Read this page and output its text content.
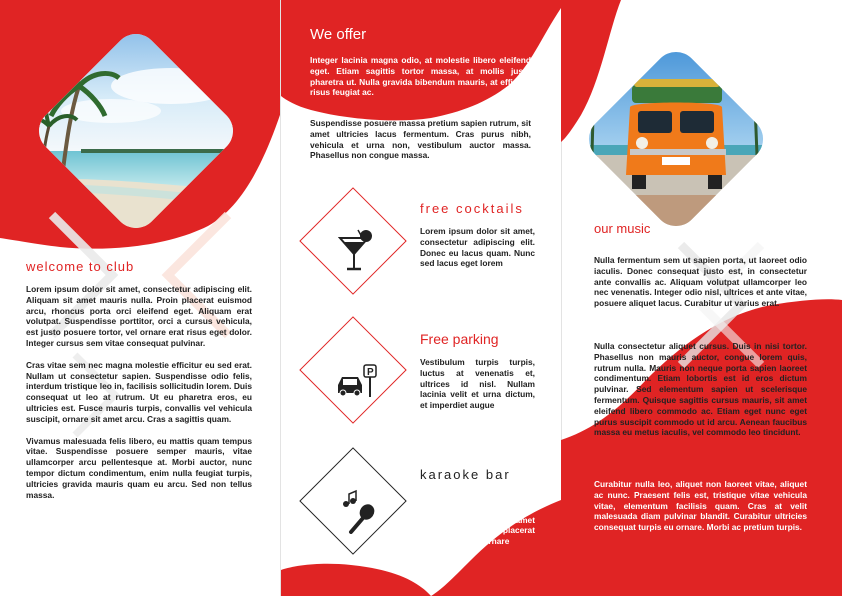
welcome to club

Lorem ipsum dolor sit amet, consectetur adipiscing elit. Aliquam sit amet mauris nulla. Proin placerat euismod arcu, rhoncus porta orci eleifend eget. Aliquam erat volutpat. Suspendisse porttitor, orci a cursus vehicula, est justo posuere tortor, vel ornare erat risus eget dolor. Integer cursus sem vitae consequat pulvinar.

Cras vitae sem nec magna molestie efficitur eu sed erat. Nullam ut consectetur sapien. Suspendisse odio felis, interdum tristique leo in, facilisis sollicitudin lorem. Duis consequat ut leo at rutrum. Ut eu pharetra eros, eu ultricies est. Fusce mauris turpis, convallis vel vehicula suscipit, ornare sit amet arcu. Cras a sagittis quam.

Vivamus malesuada felis libero, eu mattis quam tempus vitae. Suspendisse posuere semper mauris, vitae ullamcorper arcu pellentesque at. Morbi auctor, nunc tempor dictum condimentum, enim nulla feugiat turpis, ultricies gravida mauris quam eu arcu. Sed non tellus massa.

We offer
Integer lacinia magna odio, at molestie libero eleifend eget. Etiam sagittis tortor massa, at mollis justo pharetra ut. Nulla gravida bibendum mauris, at efficitur risus feugiat ac.
Suspendisse posuere massa pretium sapien rutrum, sit amet ultricies lacus fermentum. Cras purus nibh, vehicula et urna non, vestibulum auctor massa. Phasellus non congue massa.
free cocktails
Lorem ipsum dolor sit amet, consectetur adipiscing elit. Donec eu lacus quam. Nunc sed lacus eget lorem
P
Free parking
Vestibulum turpis turpis, luctus at venenatis et, ultrices id nisl. Nullam lacinia velit et urna dictum, et imperdiet augue
karaoke bar
Maecenas eget cursus massa. Aliquam tincidunt tincidunt nulla sit amet volutpat. Integer placerat lacus quis odio ornare
our music
Nulla fermentum sem ut sapien porta, ut laoreet odio iaculis. Donec consequat justo est, in consectetur ante convallis ac. Aliquam volutpat ullamcorper leo nec venenatis. Integer odio nisl, ultrices et ante vitae, posuere aliquet lacus. Curabitur ut varius erat.
Nulla consectetur aliquet cursus. Duis in nisi tortor. Phasellus non mauris auctor, congue lorem quis, rutrum nulla. Mauris non neque porta sapien laoreet condimentum. Etiam lobortis est id eros dictum pulvinar. Sed elementum sapien ut scelerisque fermentum. Quisque sagittis cursus mauris, sit amet eleifend libero commodo ac. Etiam eget nunc eget purus suscipit commodo ut id arcu. Aenean faucibus massa eu metus iaculis, vel commodo leo tincidunt.
Curabitur nulla leo, aliquet non laoreet vitae, aliquet ac nunc. Praesent felis est, tristique vitae vehicula vitae, elementum facilisis quam. Cras at velit malesuada diam pulvinar blandit. Curabitur ultricies consequat turpis eu ornare. Morbi ac pretium turpis.
